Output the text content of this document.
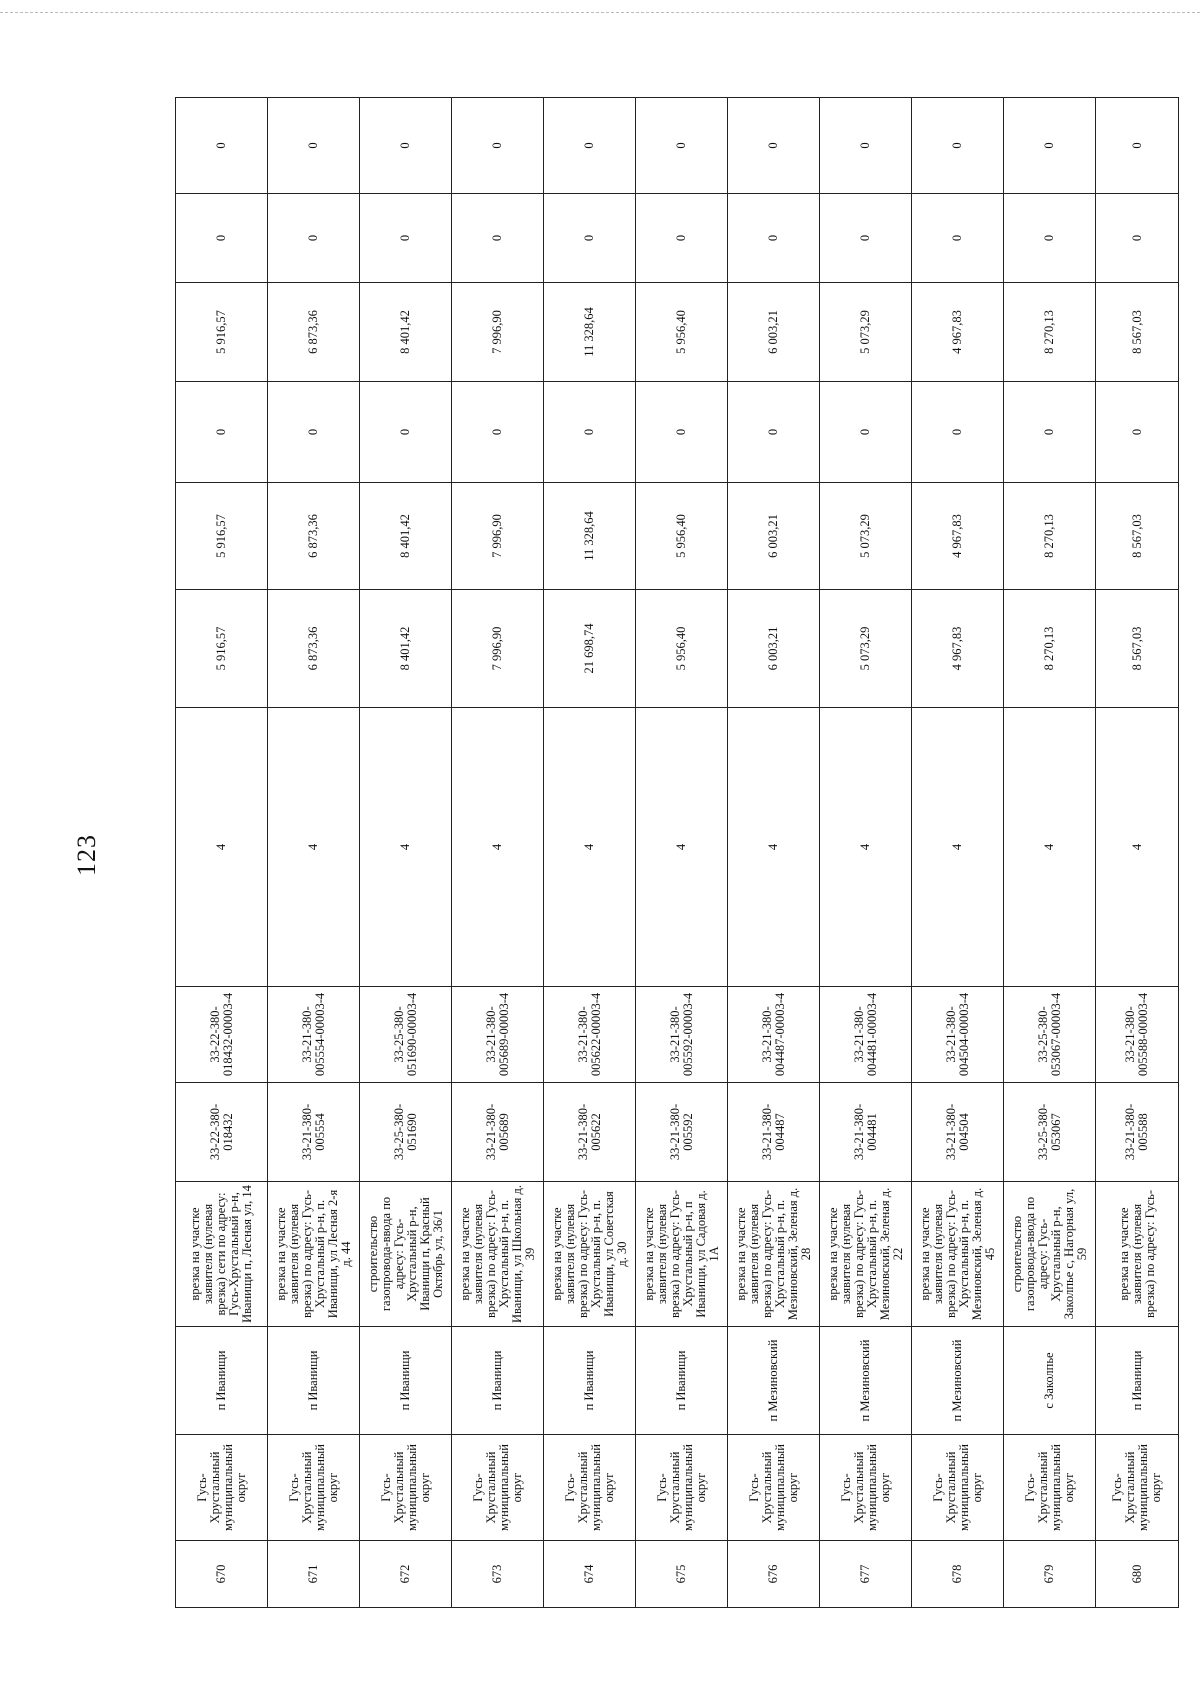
123
670	Гусь-Хрустальный муниципальный округ	п Иванищи	врезка на участке заявителя (нулевая врезка) сети по адресу: Гусь-Хрустальный р-н, Иванищи п, Лесная ул, 14	33-22-380-018432	33-22-380-018432-00003-4	4	5 916,57	5 916,57	0	5 916,57	0	0
671	Гусь-Хрустальный муниципальный округ	п Иванищи	врезка на участке заявителя (нулевая врезка) по адресу: Гусь-Хрустальный р-н, п. Иванищи, ул Лесная 2-я д. 44	33-21-380-005554	33-21-380-005554-00003-4	4	6 873,36	6 873,36	0	6 873,36	0	0
672	Гусь-Хрустальный муниципальный округ	п Иванищи	строительство газопровода-ввода по адресу: Гусь-Хрустальный р-н, Иванищи п, Красный Октябрь ул, 36/1	33-25-380-051690	33-25-380-051690-00003-4	4	8 401,42	8 401,42	0	8 401,42	0	0
673	Гусь-Хрустальный муниципальный округ	п Иванищи	врезка на участке заявителя (нулевая врезка) по адресу: Гусь-Хрустальный р-н, п. Иванищи, ул Школьная д. 39	33-21-380-005689	33-21-380-005689-00003-4	4	7 996,90	7 996,90	0	7 996,90	0	0
674	Гусь-Хрустальный муниципальный округ	п Иванищи	врезка на участке заявителя (нулевая врезка) по адресу: Гусь-Хрустальный р-н, п. Иванищи, ул Советская д. 30	33-21-380-005622	33-21-380-005622-00003-4	4	21 698,74	11 328,64	0	11 328,64	0	0
675	Гусь-Хрустальный муниципальный округ	п Иванищи	врезка на участке заявителя (нулевая врезка) по адресу: Гусь-Хрустальный р-н, п Иванищи, ул Садовая д. 1А	33-21-380-005592	33-21-380-005592-00003-4	4	5 956,40	5 956,40	0	5 956,40	0	0
676	Гусь-Хрустальный муниципальный округ	п Мезиновский	врезка на участке заявителя (нулевая врезка) по адресу: Гусь-Хрустальный р-н, п. Мезиновский, Зеленая д. 28	33-21-380-004487	33-21-380-004487-00003-4	4	6 003,21	6 003,21	0	6 003,21	0	0
677	Гусь-Хрустальный муниципальный округ	п Мезиновский	врезка на участке заявителя (нулевая врезка) по адресу: Гусь-Хрустальный р-н, п. Мезиновский, Зеленая д. 22	33-21-380-004481	33-21-380-004481-00003-4	4	5 073,29	5 073,29	0	5 073,29	0	0
678	Гусь-Хрустальный муниципальный округ	п Мезиновский	врезка на участке заявителя (нулевая врезка) по адресу: Гусь-Хрустальный р-н, п. Мезиновский, Зеленая д. 45	33-21-380-004504	33-21-380-004504-00003-4	4	4 967,83	4 967,83	0	4 967,83	0	0
679	Гусь-Хрустальный муниципальный округ	с Заколпье	строительство газопровода-ввода по адресу: Гусь-Хрустальный р-н, Заколпье с, Нагорная ул, 59	33-25-380-053067	33-25-380-053067-00003-4	4	8 270,13	8 270,13	0	8 270,13	0	0
680	Гусь-Хрустальный муниципальный округ	п Иванищи	врезка на участке заявителя (нулевая врезка) по адресу: Гусь-	33-21-380-005588	33-21-380-005588-00003-4	4	8 567,03	8 567,03	0	8 567,03	0	0
